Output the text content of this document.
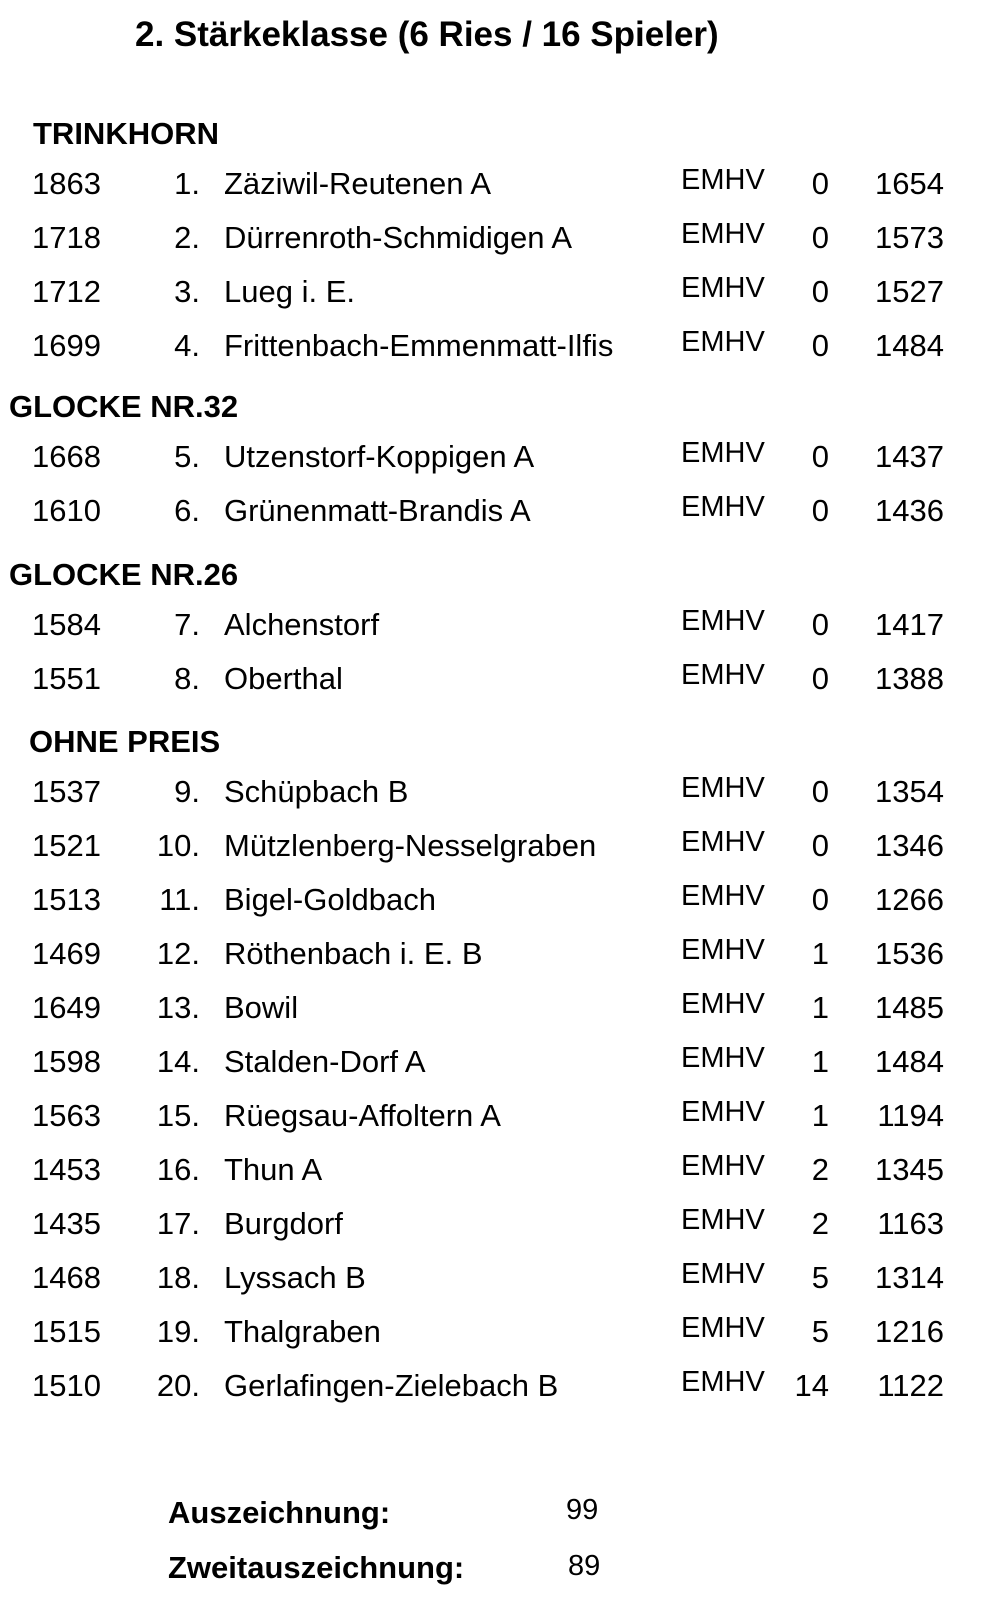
2. Stärkeklasse (6 Ries / 16 Spieler)
TRINKHORN
1863 1. Zäziwil-Reutenen A	EMHV 0 1654
1718 2. Dürrenroth-Schmidigen A	EMHV 0 1573
1712 3. Lueg i. E.	EMHV 0 1527
1699 4. Frittenbach-Emmenmatt-Ilfis EMHV 0 1484
GLOCKE NR.32
1668 5. Utzenstorf-Koppigen A	EMHV 0 1437
1610 6. Grünenmatt-Brandis A	EMHV 0 1436
GLOCKE NR.26
1584 7. Alchenstorf	EMHV 0 1417
1551 8. Oberthal	EMHV 0 1388
OHNE PREIS
1537 9. Schüpbach B	EMHV 0 1354
1521 10. Mützlenberg-Nesselgraben	EMHV 0 1346
1513 11. Bigel-Goldbach	EMHV 0 1266
1469 12. Röthenbach i. E. B	EMHV 1 1536
1649 13. Bowil	EMHV 1 1485
1598 14. Stalden-Dorf A	EMHV 1 1484
1563 15. Rüegsau-Affoltern A	EMHV 1 1194
1453 16. Thun A	EMHV 2 1345
1435 17. Burgdorf	EMHV 2 1163
1468 18. Lyssach B	EMHV 5 1314
1515 19. Thalgraben	EMHV 5 1216
1510 20. Gerlafingen-Zielebach B	EMHV 14 1122
Auszeichnung:	99
Zweitauszeichnung:	89
